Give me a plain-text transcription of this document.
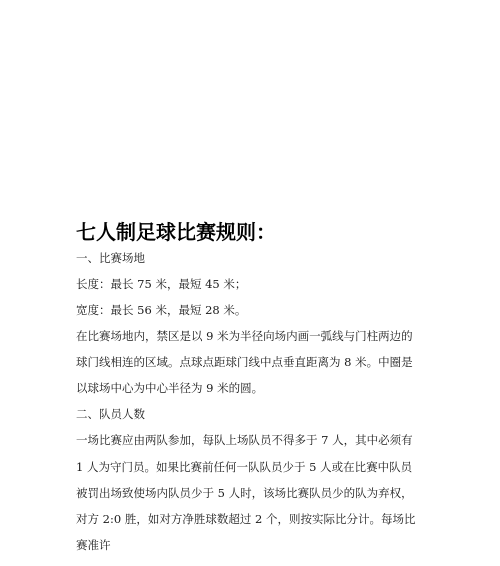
七人制足球比赛规则：
一、比赛场地
长度：最长 75 米，最短 45 米；
宽度：最长 56 米，最短 28 米。
在比赛场地内，禁区是以 9 米为半径向场内画一弧线与门柱两边的
球门线相连的区域。点球点距球门线中点垂直距离为 8 米。中圈是
以球场中心为中心半径为 9 米的圆。
二、队员人数
一场比赛应由两队参加，每队上场队员不得多于 7 人，其中必须有
1 人为守门员。如果比赛前任何一队队员少于 5 人或在比赛中队员
被罚出场致使场内队员少于 5 人时，该场比赛队员少的队为弃权，
对方 2:0 胜，如对方净胜球数超过 2 个，则按实际比分计。每场比
赛准许
